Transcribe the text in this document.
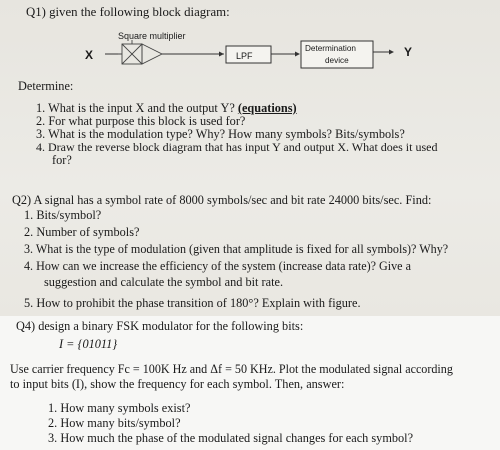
Q1) given the following block diagram:
Square multiplier
X	LPF
Determination
device
Y
Determine:
1. What is the input X and the output Y? (equations)
2. For what purpose this block is used for?
3. What is the modulation type? Why? How many symbols? Bits/symbols?
4. Draw the reverse block diagram that has input Y and output X. What does it used
for?
Q2) A signal has a symbol rate of 8000 symbols/sec and bit rate 24000 bits/sec. Find:
1. Bits/symbol?
2. Number of symbols?
3. What is the type of modulation (given that amplitude is fixed for all symbols)? Why?
4. How can we increase the efficiency of the system (increase data rate)? Give a
suggestion and calculate the symbol and bit rate.
5. How to prohibit the phase transition of 180°? Explain with figure.
Q4) design a binary FSK modulator for the following bits:
I = {01011}
Use carrier frequency Fc = 100K Hz and Δf = 50 KHz. Plot the modulated signal according
to input bits (I), show the frequency for each symbol. Then, answer:
1. How many symbols exist?
2. How many bits/symbol?
3. How much the phase of the modulated signal changes for each symbol?
